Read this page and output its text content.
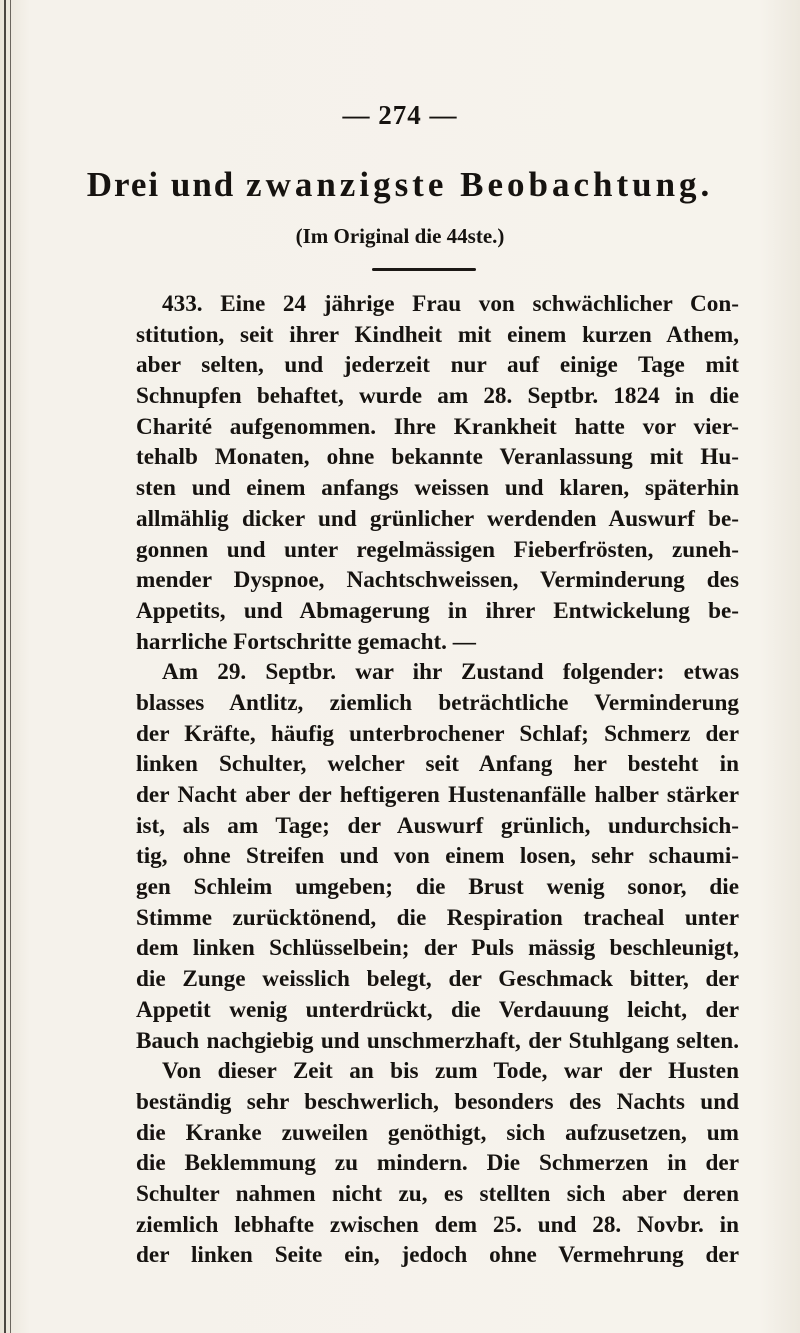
— 274 —
Drei und zwanzigste Beobachtung.
(Im Original die 44ste.)
433. Eine 24 jährige Frau von schwächlicher Con-
stitution, seit ihrer Kindheit mit einem kurzen Athem,
aber selten, und jederzeit nur auf einige Tage mit
Schnupfen behaftet, wurde am 28. Septbr. 1824 in die
Charité aufgenommen. Ihre Krankheit hatte vor vier-
tehalb Monaten, ohne bekannte Veranlassung mit Hu-
sten und einem anfangs weissen und klaren, späterhin
allmählig dicker und grünlicher werdenden Auswurf be-
gonnen und unter regelmässigen Fieberfrösten, zuneh-
mender Dyspnoe, Nachtschweissen, Verminderung des
Appetits, und Abmagerung in ihrer Entwickelung be-
harrliche Fortschritte gemacht. —
Am 29. Septbr. war ihr Zustand folgender: etwas
blasses Antlitz, ziemlich beträchtliche Verminderung
der Kräfte, häufig unterbrochener Schlaf; Schmerz der
linken Schulter, welcher seit Anfang her besteht in
der Nacht aber der heftigeren Hustenanfälle halber stärker
ist, als am Tage; der Auswurf grünlich, undurchsich-
tig, ohne Streifen und von einem losen, sehr schaumi-
gen Schleim umgeben; die Brust wenig sonor, die
Stimme zurücktönend, die Respiration tracheal unter
dem linken Schlüsselbein; der Puls mässig beschleunigt,
die Zunge weisslich belegt, der Geschmack bitter, der
Appetit wenig unterdrückt, die Verdauung leicht, der
Bauch nachgiebig und unschmerzhaft, der Stuhlgang selten.
Von dieser Zeit an bis zum Tode, war der Husten
beständig sehr beschwerlich, besonders des Nachts und
die Kranke zuweilen genöthigt, sich aufzusetzen, um
die Beklemmung zu mindern. Die Schmerzen in der
Schulter nahmen nicht zu, es stellten sich aber deren
ziemlich lebhafte zwischen dem 25. und 28. Novbr. in
der linken Seite ein, jedoch ohne Vermehrung der
